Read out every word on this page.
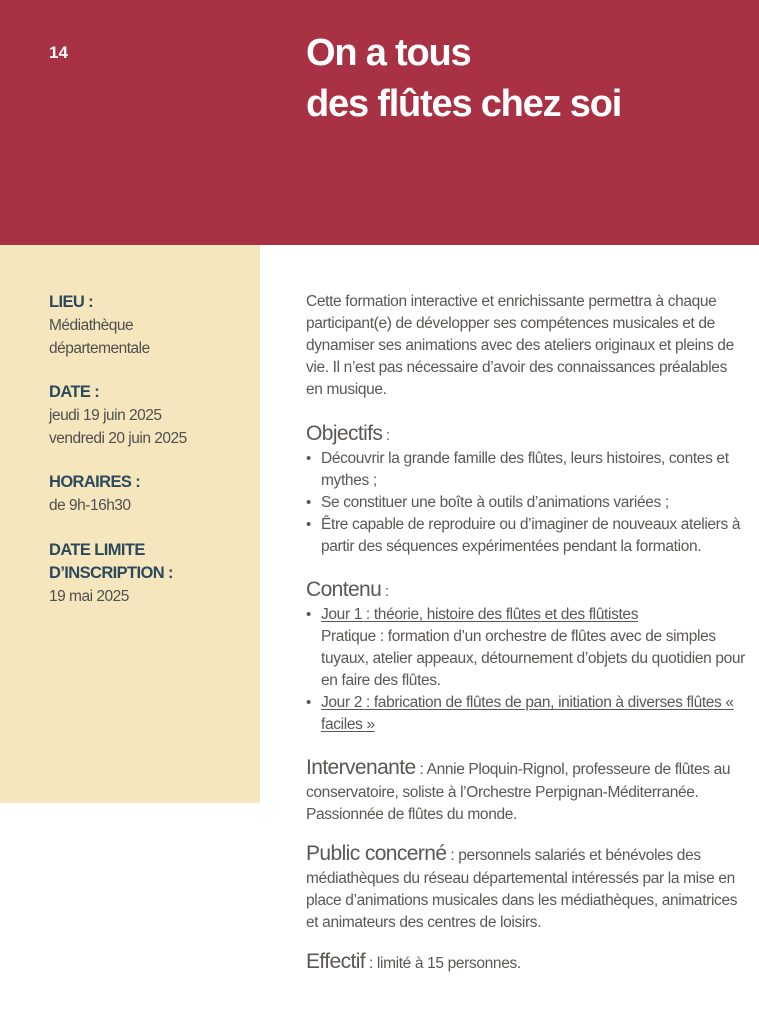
14	On a tous
des flûtes chez soi
LIEU :
Médiathèque
départementale
DATE :
jeudi 19 juin 2025
vendredi 20 juin 2025
HORAIRES :
de 9h-16h30
DATE LIMITE
D’INSCRIPTION :
19 mai 2025

Cette formation interactive et enrichissante permettra à chaque participant(e) de développer ses compétences musicales et de dynamiser ses animations avec des ateliers originaux et pleins de vie. Il n’est pas nécessaire d’avoir des connaissances préalables en musique.

Objectifs :
• Découvrir la grande famille des flûtes, leurs histoires, contes et mythes ;
• Se constituer une boîte à outils d’animations variées ;
• Être capable de reproduire ou d’imaginer de nouveaux ateliers à partir des séquences expérimentées pendant la formation.
Contenu :
• Jour 1 : théorie, histoire des flûtes et des flûtistes
Pratique : formation d’un orchestre de flûtes avec de simples tuyaux, atelier appeaux, détournement d’objets du quotidien pour en faire des flûtes.
• Jour 2 : fabrication de flûtes de pan, initiation à diverses flûtes « faciles »

Intervenante : Annie Ploquin-Rignol, professeure de flûtes au conservatoire, soliste à l’Orchestre Perpignan-Méditerranée. Passionnée de flûtes du monde.

Public concerné : personnels salariés et bénévoles des médiathèques du réseau départemental intéressés par la mise en place d’animations musicales dans les médiathèques, animatrices et animateurs des centres de loisirs.

Effectif : limité à 15 personnes.
